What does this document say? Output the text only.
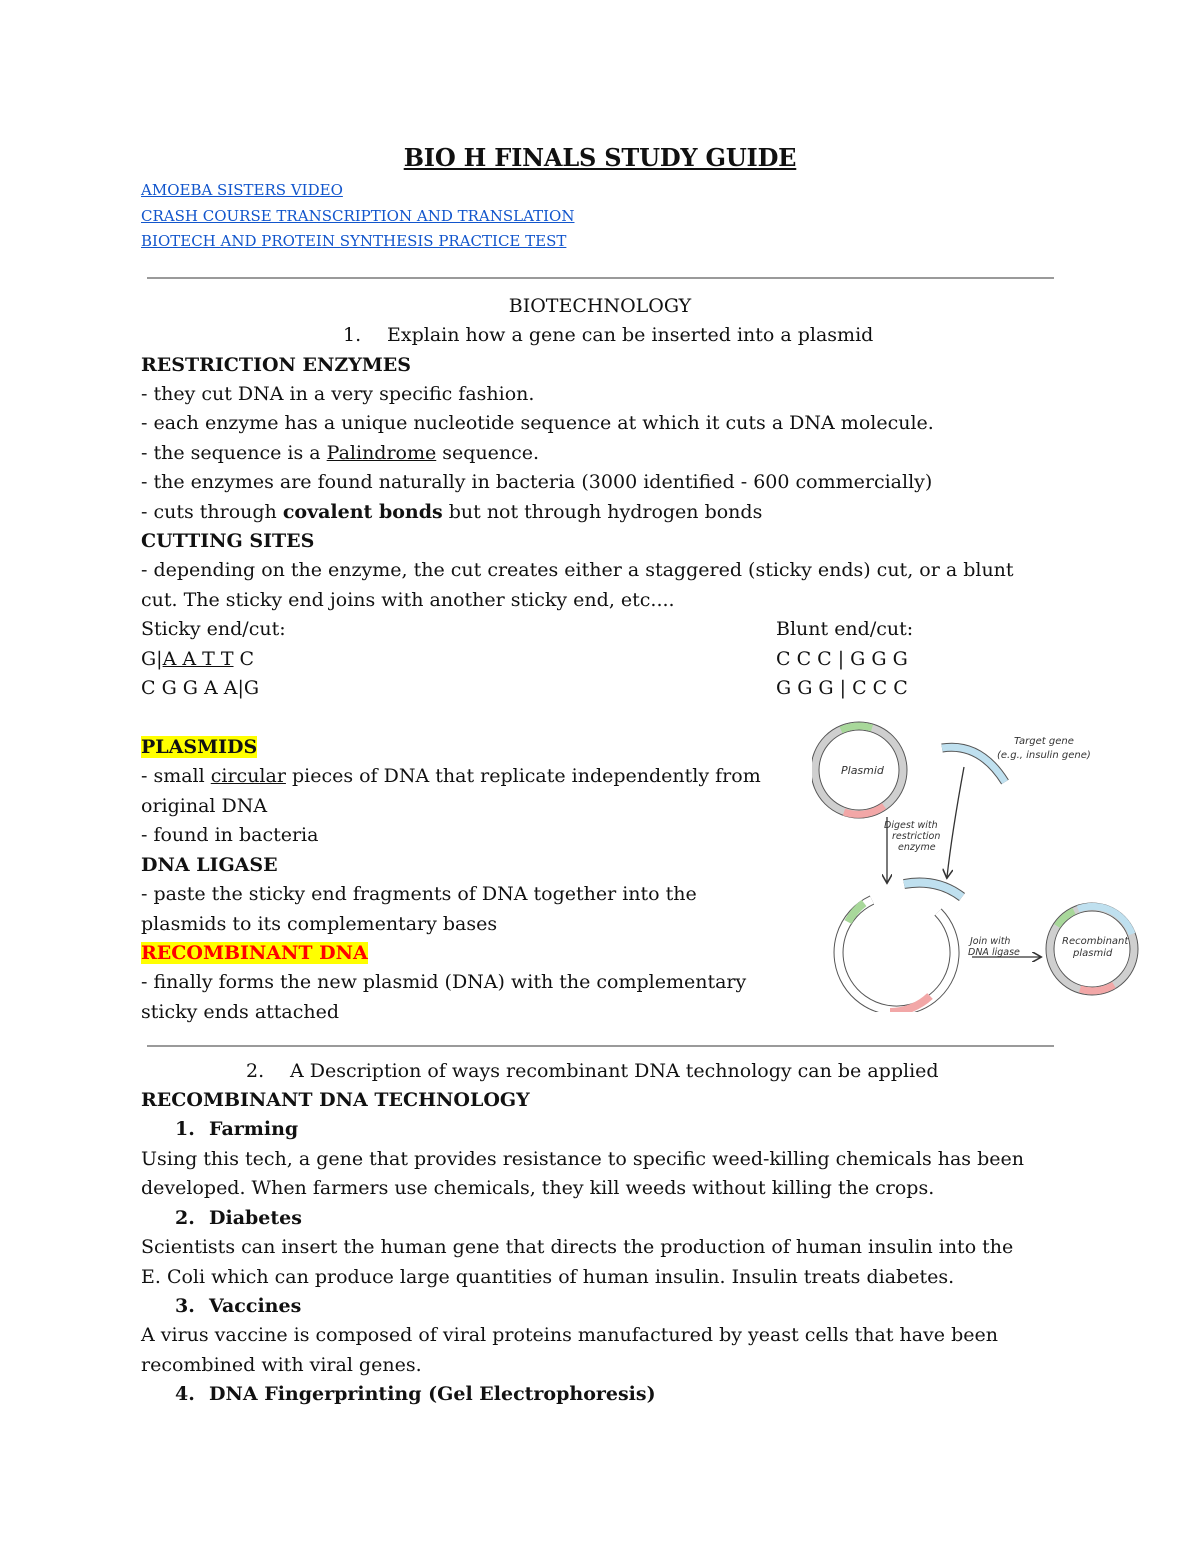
BIO H FINALS STUDY GUIDE
AMOEBA SISTERS VIDEO
CRASH COURSE TRANSCRIPTION AND TRANSLATION
BIOTECH AND PROTEIN SYNTHESIS PRACTICE TEST
BIOTECHNOLOGY
1. Explain how a gene can be inserted into a plasmid
RESTRICTION ENZYMES
- they cut DNA in a very specific fashion.
- each enzyme has a unique nucleotide sequence at which it cuts a DNA molecule.
- the sequence is a Palindrome sequence.
- the enzymes are found naturally in bacteria (3000 identified - 600 commercially)
- cuts through covalent bonds but not through hydrogen bonds
CUTTING SITES
- depending on the enzyme, the cut creates either a staggered (sticky ends) cut, or a blunt
cut. The sticky end joins with another sticky end, etc....
Sticky end/cut:	Blunt end/cut:
G|A A T T C	C C C | G G G
C G G A A|G	G G G | C C C
PLASMIDS
- small circular pieces of DNA that replicate independently from
original DNA
- found in bacteria
DNA LIGASE
- paste the sticky end fragments of DNA together into the
plasmids to its complementary bases
RECOMBINANT DNA
- finally forms the new plasmid (DNA) with the complementary
sticky ends attached
Plasmid
Target gene
(e.g., insulin gene)
Digest with
restriction
enzyme
Join with
DNA ligase
Recombinant
plasmid
2. A Description of ways recombinant DNA technology can be applied
RECOMBINANT DNA TECHNOLOGY
1. Farming
Using this tech, a gene that provides resistance to specific weed-killing chemicals has been
developed. When farmers use chemicals, they kill weeds without killing the crops.
2. Diabetes
Scientists can insert the human gene that directs the production of human insulin into the
E. Coli which can produce large quantities of human insulin. Insulin treats diabetes.
3. Vaccines
A virus vaccine is composed of viral proteins manufactured by yeast cells that have been
recombined with viral genes.
4. DNA Fingerprinting (Gel Electrophoresis)
